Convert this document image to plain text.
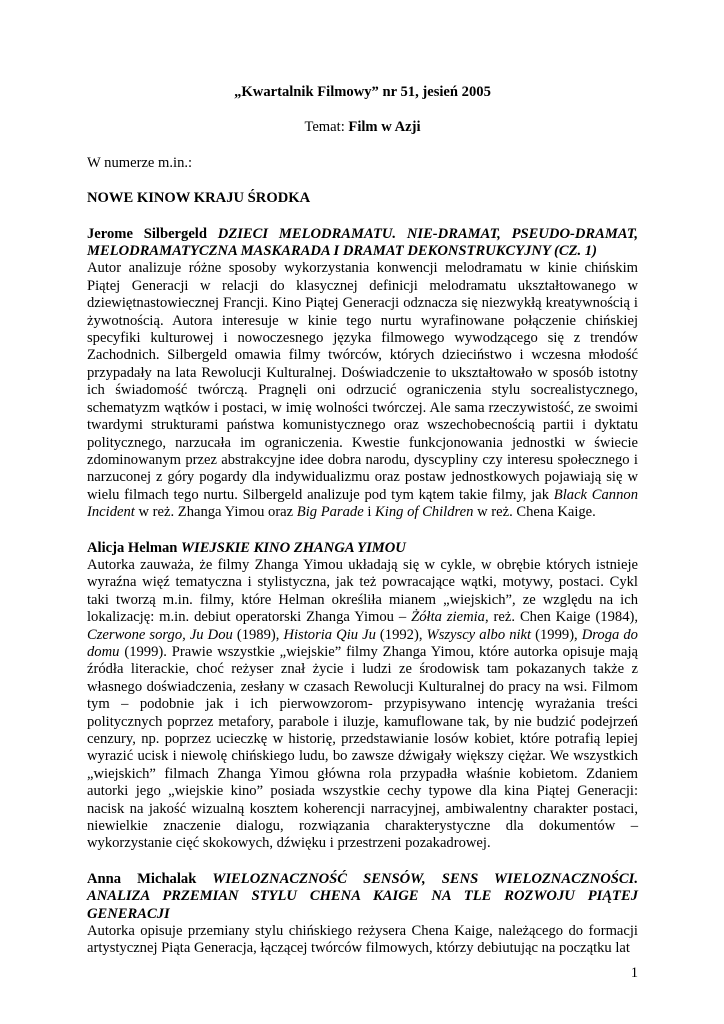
„Kwartalnik Filmowy” nr 51, jesień 2005

Temat: Film w Azji

W numerze m.in.:

NOWE KINOW KRAJU ŚRODKA

Jerome Silbergeld DZIECI MELODRAMATU. NIE-DRAMAT, PSEUDO-DRAMAT, MELODRAMATYCZNA MASKARADA I DRAMAT DEKONSTRUKCYJNY (CZ. 1)

Autor analizuje różne sposoby wykorzystania konwencji melodramatu w kinie chińskim Piątej Generacji w relacji do klasycznej definicji melodramatu ukształtowanego w dziewiętnastowiecznej Francji. Kino Piątej Generacji odznacza się niezwykłą kreatywnością i żywotnością. Autora interesuje w kinie tego nurtu wyrafinowane połączenie chińskiej specyfiki kulturowej i nowoczesnego języka filmowego wywodzącego się z trendów Zachodnich. Silbergeld omawia filmy twórców, których dzieciństwo i wczesna młodość przypadały na lata Rewolucji Kulturalnej. Doświadczenie to ukształtowało w sposób istotny ich świadomość twórczą. Pragnęli oni odrzucić ograniczenia stylu socrealistycznego, schematyzm wątków i postaci, w imię wolności twórczej. Ale sama rzeczywistość, ze swoimi twardymi strukturami państwa komunistycznego oraz wszechobecnością partii i dyktatu politycznego, narzucała im ograniczenia. Kwestie funkcjonowania jednostki w świecie zdominowanym przez abstrakcyjne idee dobra narodu, dyscypliny czy interesu społecznego i narzuconej z góry pogardy dla indywidualizmu oraz postaw jednostkowych pojawiają się w wielu filmach tego nurtu. Silbergeld analizuje pod tym kątem takie filmy, jak Black Cannon Incident w reż. Zhanga Yimou oraz Big Parade i King of Children w reż. Chena Kaige.

Alicja Helman WIEJSKIE KINO ZHANGA YIMOU

Autorka zauważa, że filmy Zhanga Yimou układają się w cykle, w obrębie których istnieje wyraźna więź tematyczna i stylistyczna, jak też powracające wątki, motywy, postaci. Cykl taki tworzą m.in. filmy, które Helman określiła mianem „wiejskich”, ze względu na ich lokalizację: m.in. debiut operatorski Zhanga Yimou – Żółta ziemia, reż. Chen Kaige (1984), Czerwone sorgo, Ju Dou (1989), Historia Qiu Ju (1992), Wszyscy albo nikt (1999), Droga do domu (1999). Prawie wszystkie „wiejskie” filmy Zhanga Yimou, które autorka opisuje mają źródła literackie, choć reżyser znał życie i ludzi ze środowisk tam pokazanych także z własnego doświadczenia, zesłany w czasach Rewolucji Kulturalnej do pracy na wsi. Filmom tym – podobnie jak i ich pierwowzorom- przypisywano intencję wyrażania treści politycznych poprzez metafory, parabole i iluzje, kamuflowane tak, by nie budzić podejrzeń cenzury, np. poprzez ucieczkę w historię, przedstawianie losów kobiet, które potrafią lepiej wyrazić ucisk i niewolę chińskiego ludu, bo zawsze dźwigały większy ciężar. We wszystkich „wiejskich” filmach Zhanga Yimou główna rola przypadła właśnie kobietom. Zdaniem autorki jego „wiejskie kino” posiada wszystkie cechy typowe dla kina Piątej Generacji: nacisk na jakość wizualną kosztem koherencji narracyjnej, ambiwalentny charakter postaci, niewielkie znaczenie dialogu, rozwiązania charakterystyczne dla dokumentów – wykorzystanie cięć skokowych, dźwięku i przestrzeni pozakadrowej.

Anna Michalak WIELOZNACZNOŚĆ SENSÓW, SENS WIELOZNACZNOŚCI. ANALIZA PRZEMIAN STYLU CHENA KAIGE NA TLE ROZWOJU PIĄTEJ GENERACJI

Autorka opisuje przemiany stylu chińskiego reżysera Chena Kaige, należącego do formacji artystycznej Piąta Generacja, łączącej twórców filmowych, którzy debiutując na początku lat

1
